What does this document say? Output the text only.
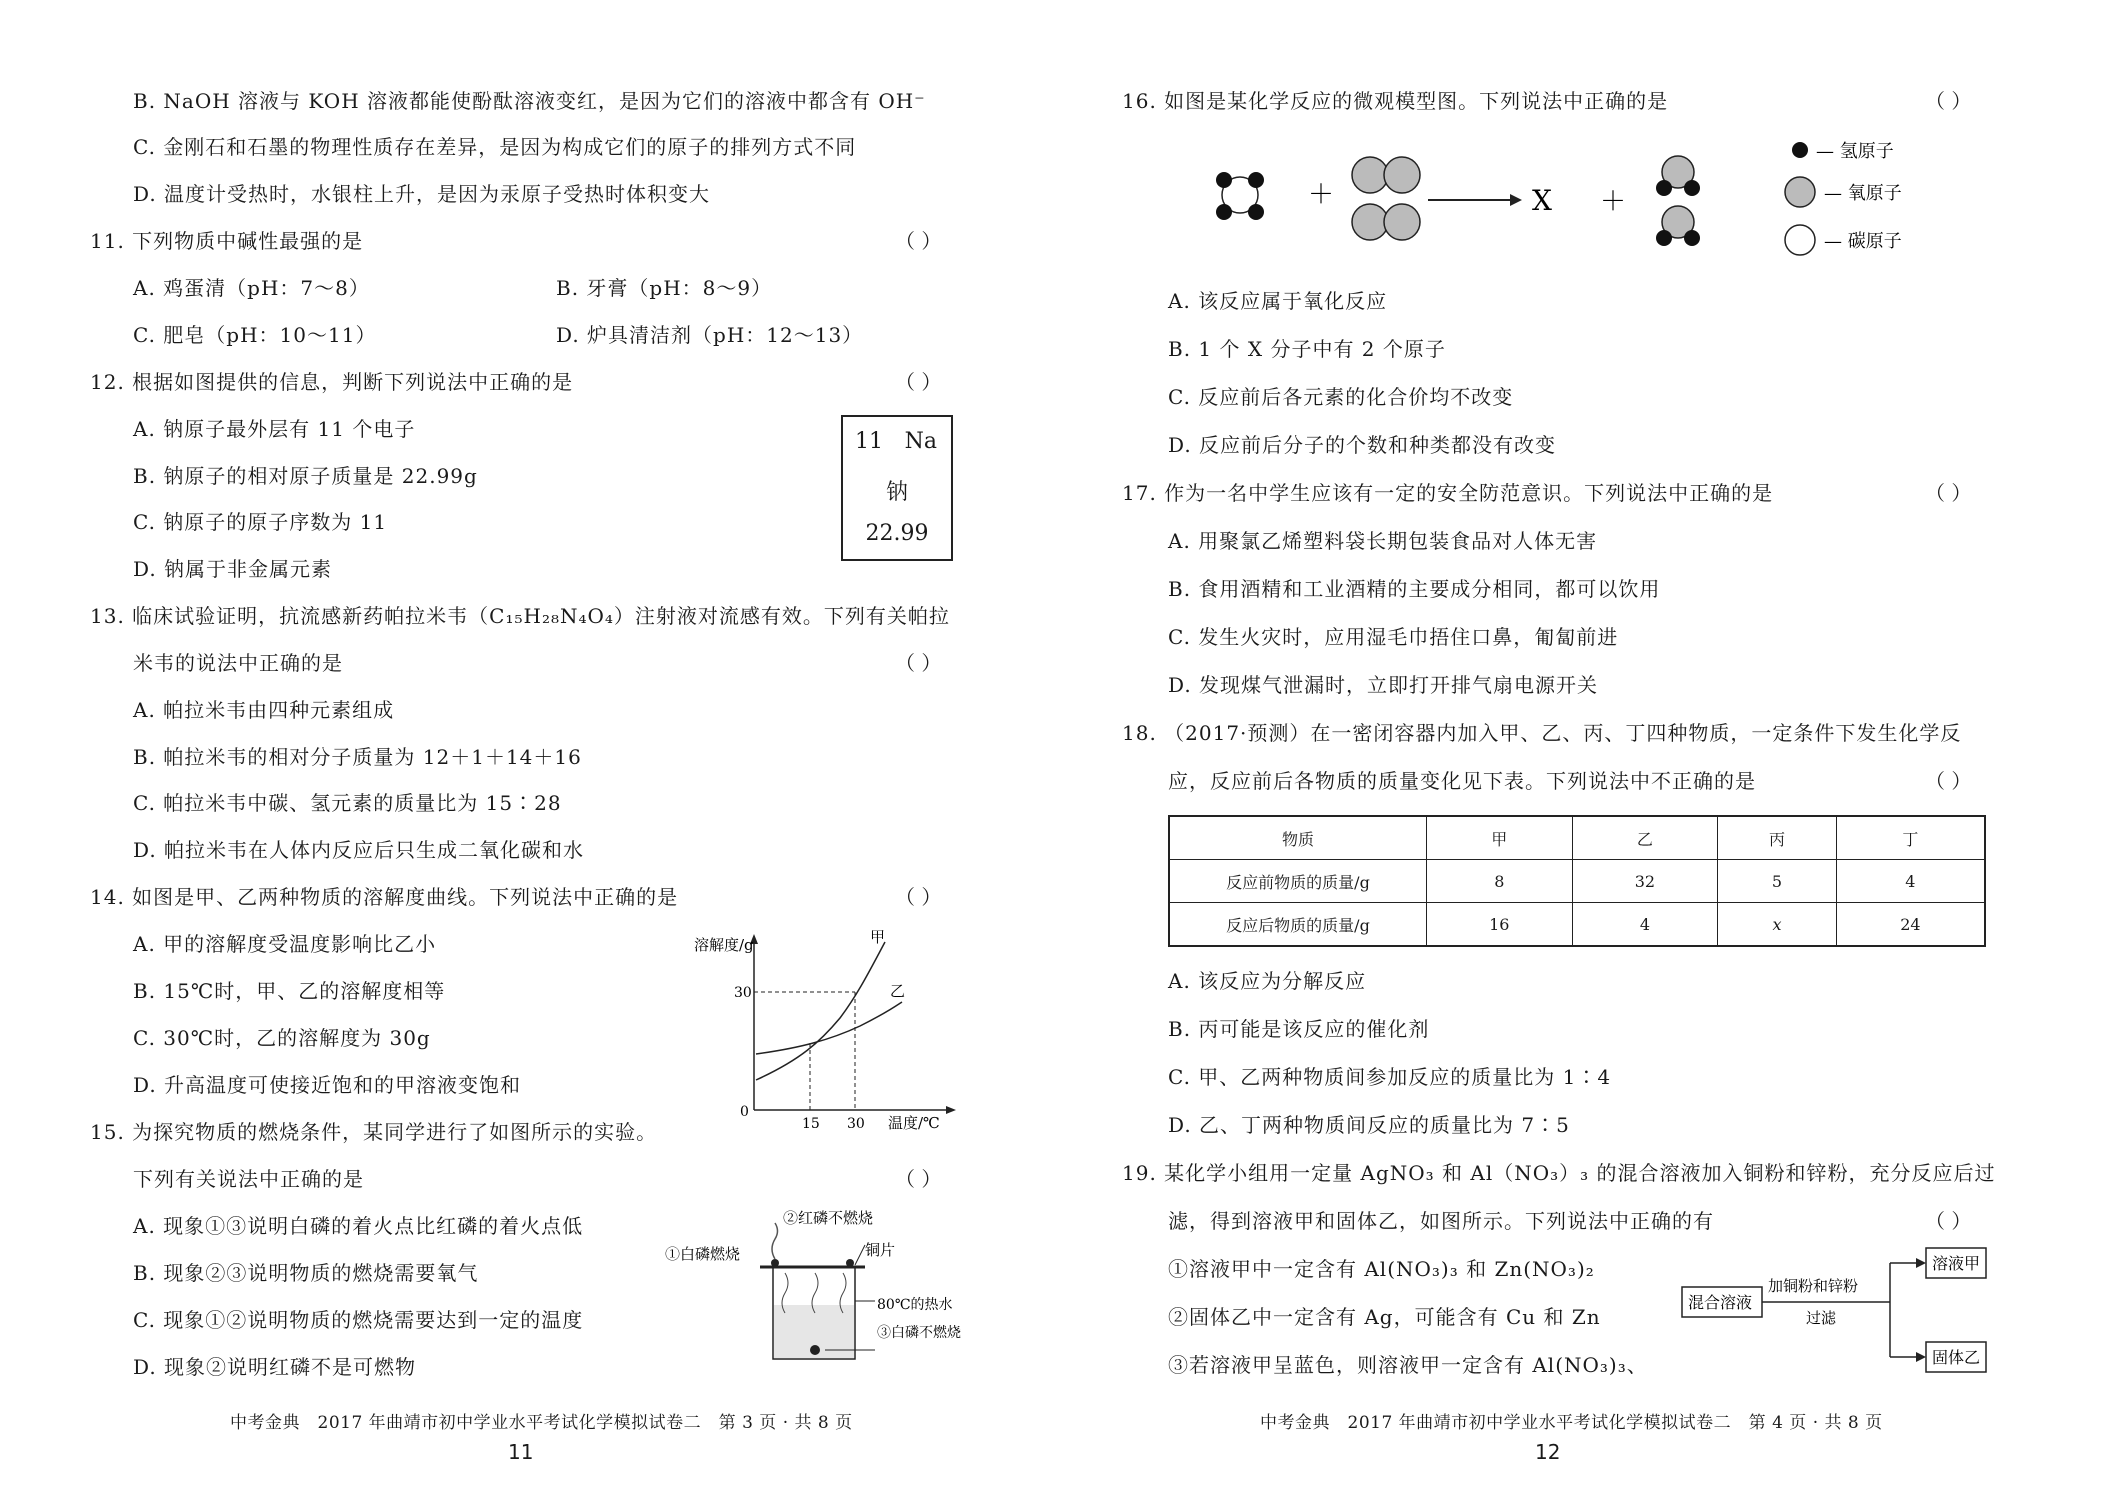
B. NaOH 溶液与 KOH 溶液都能使酚酞溶液变红，是因为它们的溶液中都含有 OH⁻
C. 金刚石和石墨的物理性质存在差异，是因为构成它们的原子的排列方式不同
D. 温度计受热时，水银柱上升，是因为汞原子受热时体积变大
11. 下列物质中碱性最强的是	（ ）
A. 鸡蛋清（pH：7～8）	B. 牙膏（pH：8～9）
C. 肥皂（pH：10～11）	D. 炉具清洁剂（pH：12～13）
12. 根据如图提供的信息，判断下列说法中正确的是	（ ）
A. 钠原子最外层有 11 个电子
B. 钠原子的相对原子质量是 22.99g
C. 钠原子的原子序数为 11
D. 钠属于非金属元素
11 Na
钠
22.99
13. 临床试验证明，抗流感新药帕拉米韦（C₁₅H₂₈N₄O₄）注射液对流感有效。下列有关帕拉
米韦的说法中正确的是	（ ）
A. 帕拉米韦由四种元素组成
B. 帕拉米韦的相对分子质量为 12＋1＋14＋16
C. 帕拉米韦中碳、氢元素的质量比为 15∶28
D. 帕拉米韦在人体内反应后只生成二氧化碳和水
14. 如图是甲、乙两种物质的溶解度曲线。下列说法中正确的是	（ ）
A. 甲的溶解度受温度影响比乙小
B. 15℃时，甲、乙的溶解度相等
C. 30℃时，乙的溶解度为 30g
D. 升高温度可使接近饱和的甲溶液变饱和
溶解度/g
30
0
15 30 温度/℃
甲
乙
15. 为探究物质的燃烧条件，某同学进行了如图所示的实验。
下列有关说法中正确的是	（ ）
A. 现象①③说明白磷的着火点比红磷的着火点低
B. 现象②③说明物质的燃烧需要氧气
C. 现象①②说明物质的燃烧需要达到一定的温度
D. 现象②说明红磷不是可燃物
②红磷不燃烧
①白磷燃烧	铜片
80℃的热水
③白磷不燃烧
中考金典　2017 年曲靖市初中学业水平考试化学模拟试卷二　第 3 页 · 共 8 页
11
16. 如图是某化学反应的微观模型图。下列说法中正确的是	（ ）
＋	X ＋
— 氢原子
— 氧原子
— 碳原子
A. 该反应属于氧化反应
B. 1 个 X 分子中有 2 个原子
C. 反应前后各元素的化合价均不改变
D. 反应前后分子的个数和种类都没有改变
17. 作为一名中学生应该有一定的安全防范意识。下列说法中正确的是	（ ）
A. 用聚氯乙烯塑料袋长期包装食品对人体无害
B. 食用酒精和工业酒精的主要成分相同，都可以饮用
C. 发生火灾时，应用湿毛巾捂住口鼻，匍匐前进
D. 发现煤气泄漏时，立即打开排气扇电源开关
18. （2017·预测）在一密闭容器内加入甲、乙、丙、丁四种物质，一定条件下发生化学反
应，反应前后各物质的质量变化见下表。下列说法中不正确的是	（ ）
物质	甲	乙	丙	丁
反应前物质的质量/g	8	32	5	4
反应后物质的质量/g	16	4	x	24
A. 该反应为分解反应
B. 丙可能是该反应的催化剂
C. 甲、乙两种物质间参加反应的质量比为 1∶4
D. 乙、丁两种物质间反应的质量比为 7∶5
19. 某化学小组用一定量 AgNO₃ 和 Al（NO₃）₃ 的混合溶液加入铜粉和锌粉，充分反应后过
滤，得到溶液甲和固体乙，如图所示。下列说法中正确的有	（ ）
①溶液甲中一定含有 Al(NO₃)₃ 和 Zn(NO₃)₂
②固体乙中一定含有 Ag，可能含有 Cu 和 Zn
③若溶液甲呈蓝色，则溶液甲一定含有 Al(NO₃)₃、
混合溶液
加铜粉和锌粉
过滤
溶液甲
固体乙
中考金典　2017 年曲靖市初中学业水平考试化学模拟试卷二　第 4 页 · 共 8 页
12
